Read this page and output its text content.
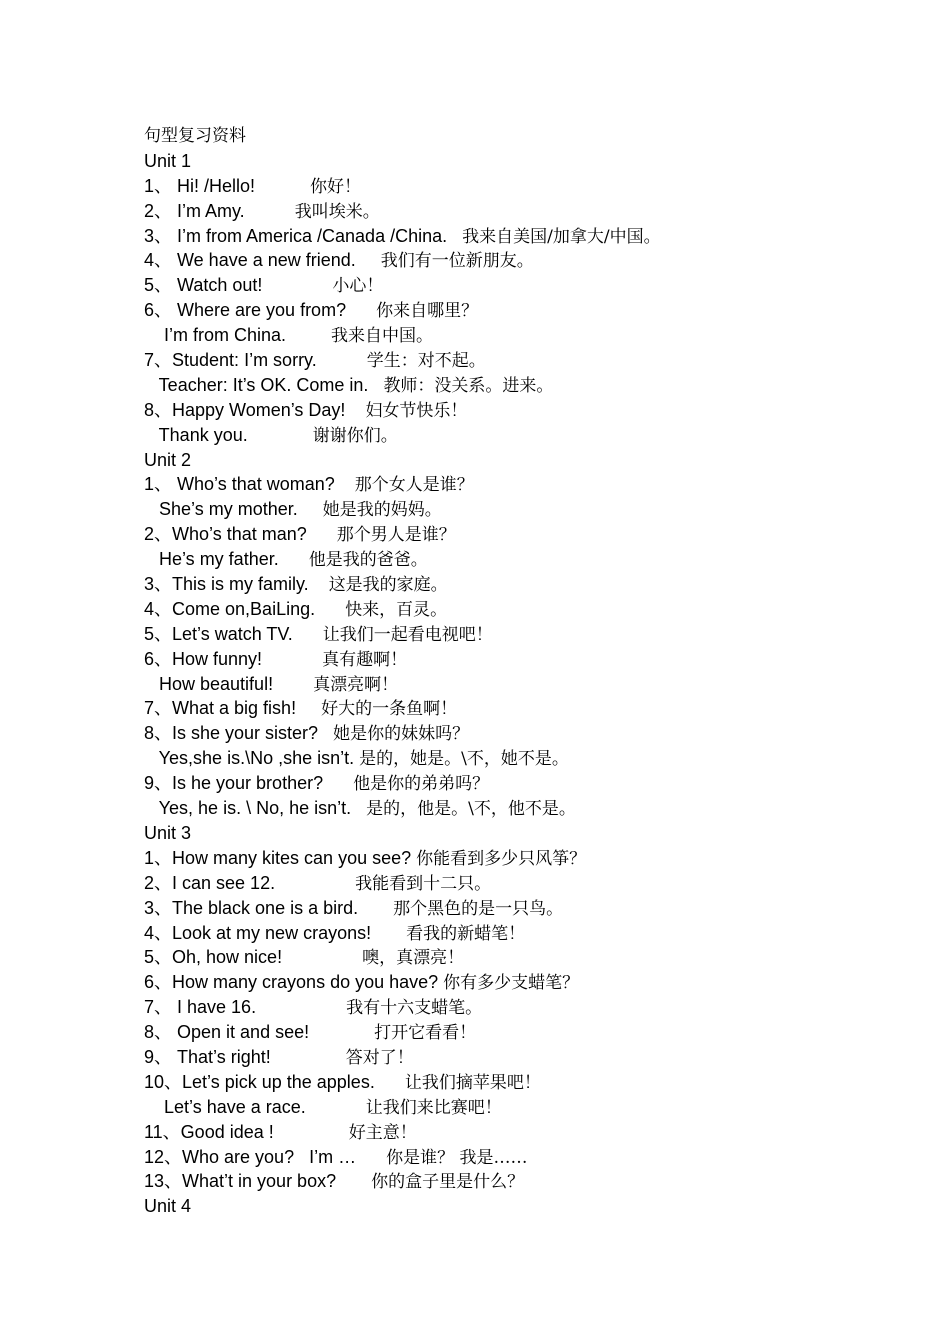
句型复习资料
Unit 1
1、 Hi! /Hello!           你好！
2、 I’m Amy.          我叫埃米。
3、 I’m from America /Canada /China.   我来自美国/加拿大/中国。
4、 We have a new friend.     我们有一位新朋友。
5、 Watch out!              小心！
6、 Where are you from?      你来自哪里？
I’m from China.         我来自中国。
7、Student: I’m sorry.          学生：对不起。
Teacher: It’s OK. Come in.   教师：没关系。进来。
8、Happy Women’s Day!    妇女节快乐！
Thank you.             谢谢你们。
Unit 2
1、 Who’s that woman?    那个女人是谁？
She’s my mother.     她是我的妈妈。
2、Who’s that man?      那个男人是谁？
He’s my father.      他是我的爸爸。
3、This is my family.    这是我的家庭。
4、Come on,BaiLing.      快来，百灵。
5、Let’s watch TV.      让我们一起看电视吧！
6、How funny!            真有趣啊！
How beautiful!        真漂亮啊！
7、What a big fish!     好大的一条鱼啊！
8、Is she your sister?   她是你的妹妹吗？
Yes,she is.\No ,she isn’t. 是的，她是。\不，她不是。
9、Is he your brother?      他是你的弟弟吗？
Yes, he is. \ No, he isn’t.   是的，他是。\不，他不是。
Unit 3
1、How many kites can you see? 你能看到多少只风筝？
2、I can see 12.                我能看到十二只。
3、The black one is a bird.       那个黑色的是一只鸟。
4、Look at my new crayons!       看我的新蜡笔！
5、Oh, how nice!                噢，真漂亮！
6、How many crayons do you have? 你有多少支蜡笔？
7、 I have 16.                  我有十六支蜡笔。
8、 Open it and see!             打开它看看！
9、 That’s right!               答对了！
10、Let’s pick up the apples.      让我们摘苹果吧！
Let’s have a race.            让我们来比赛吧！
11、Good idea !               好主意！
12、Who are you?   I’m …      你是谁？ 我是……
13、What’t in your box?       你的盒子里是什么？
Unit 4
